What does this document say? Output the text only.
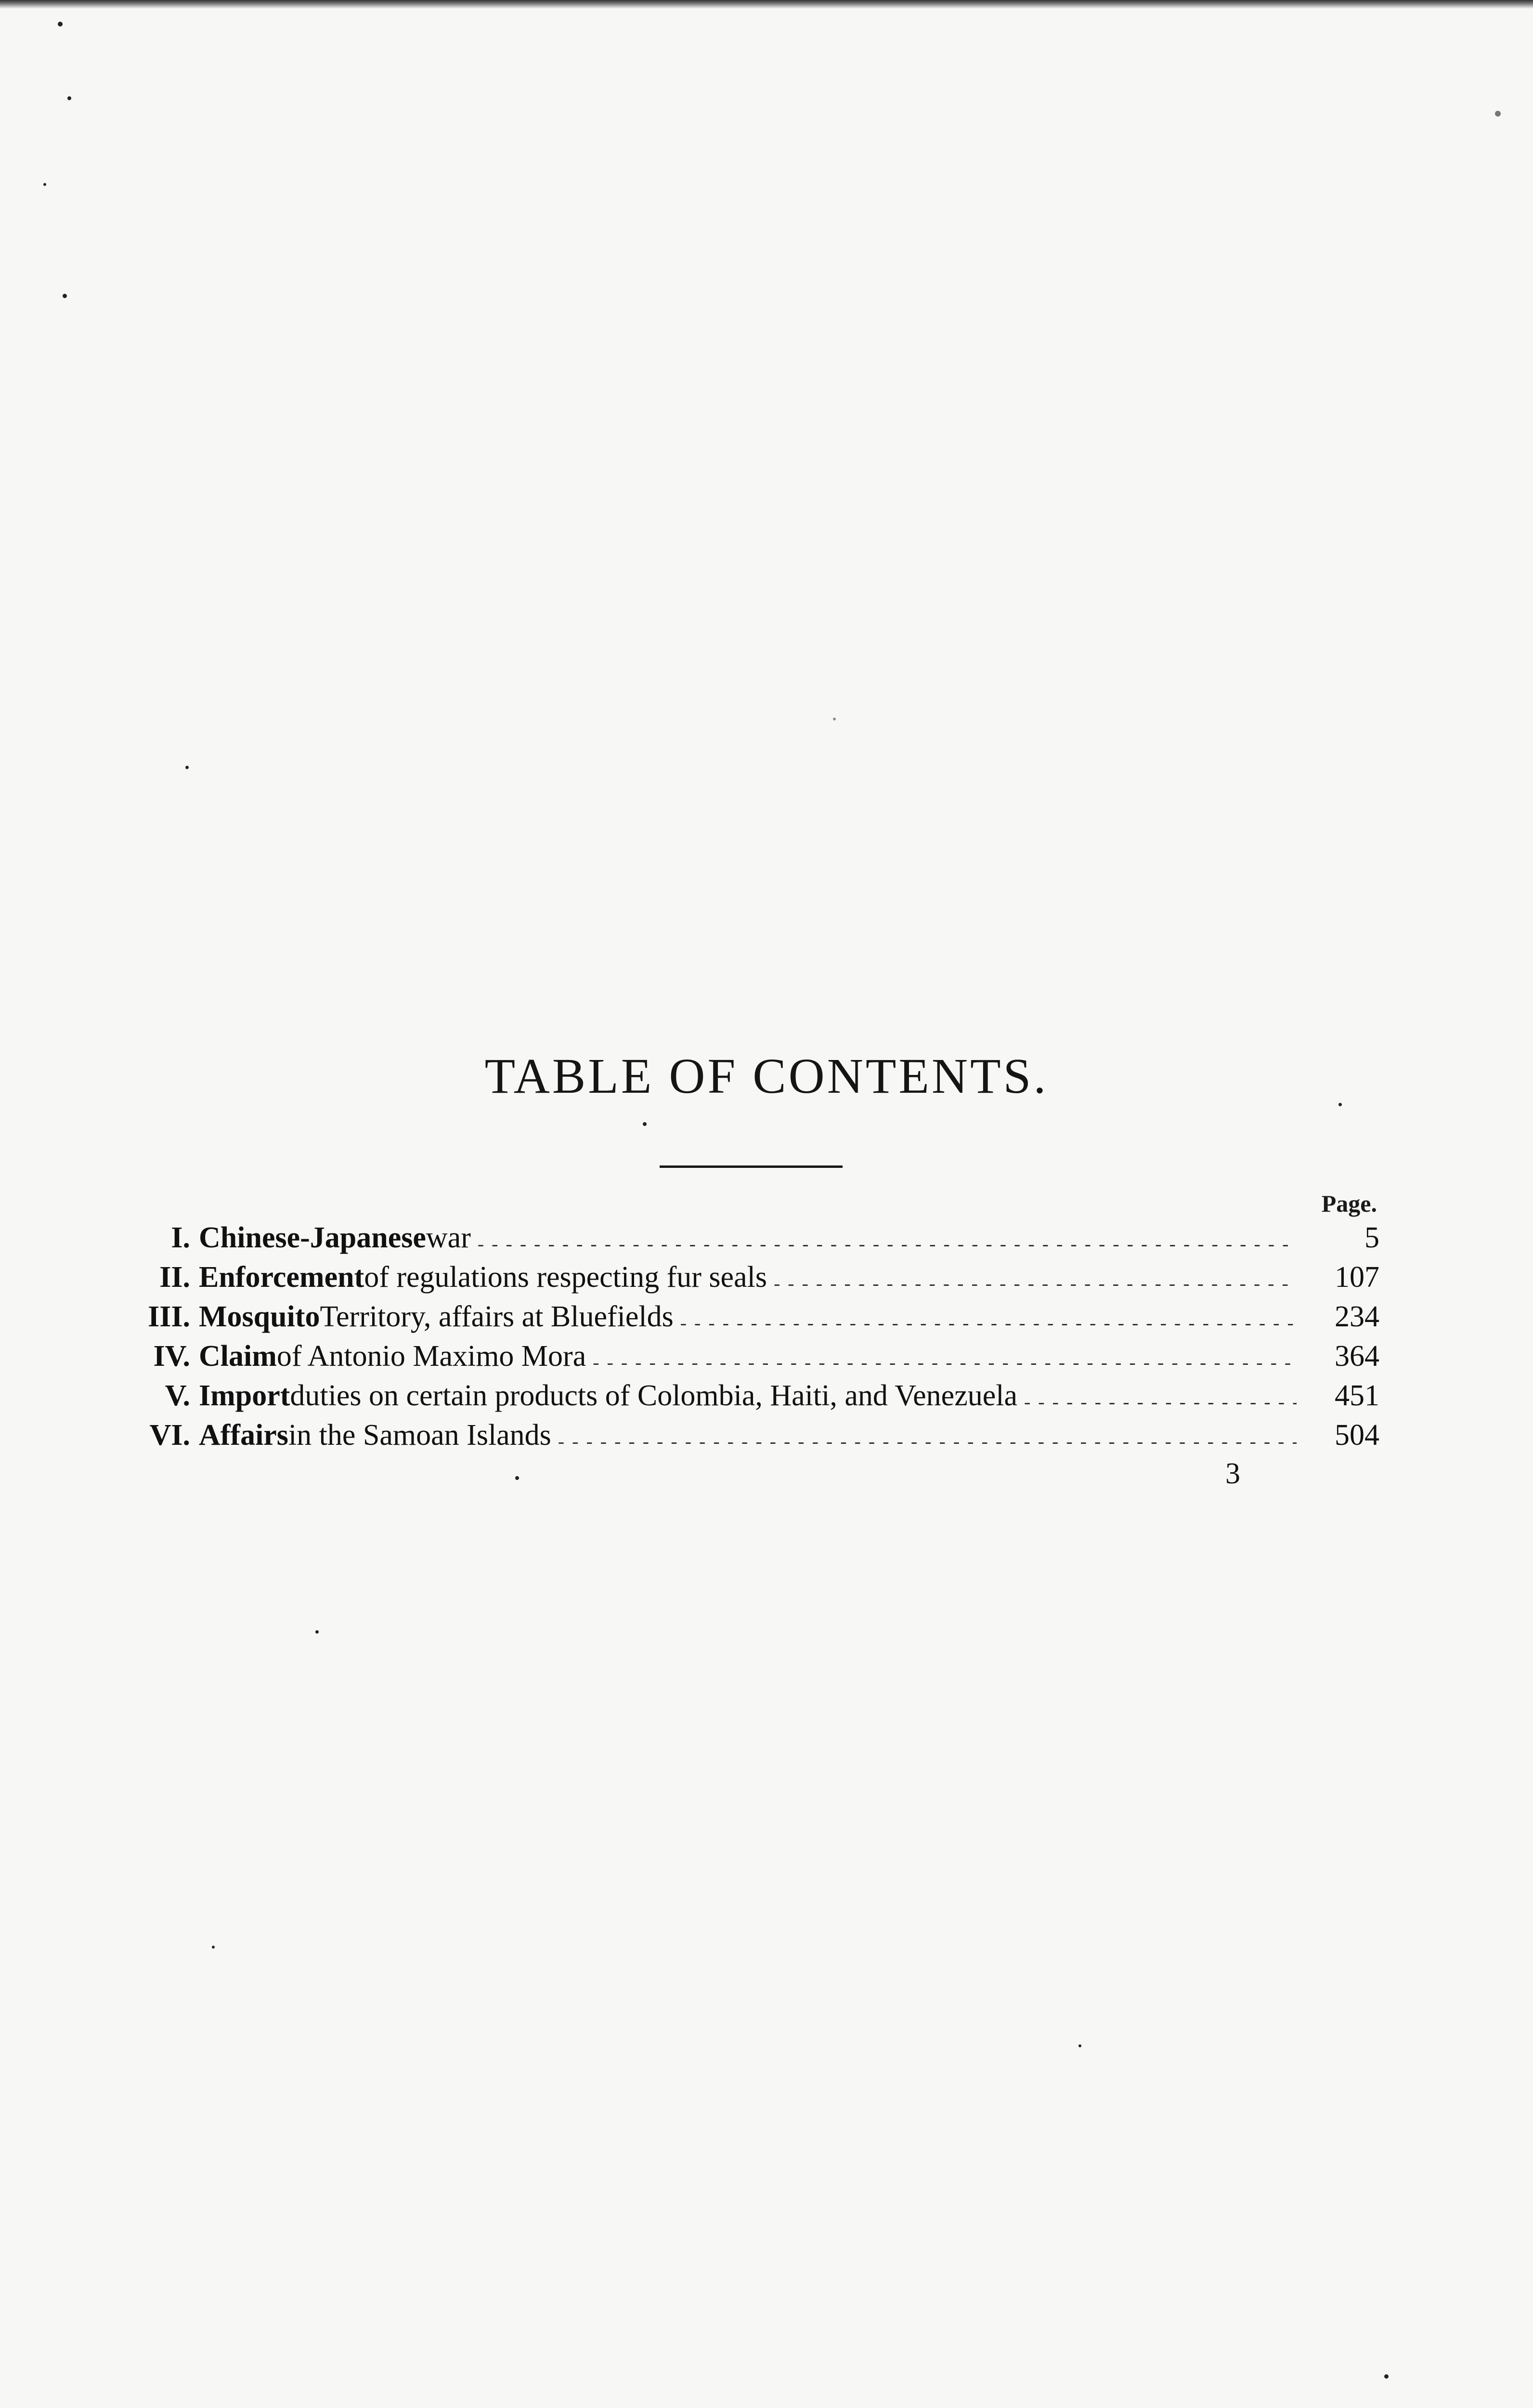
TABLE OF CONTENTS.
Page.
I. Chinese-Japanese war - - -	5
II. Enforcement of regulations respecting fur seals - - -	107
III. Mosquito Territory, affairs at Bluefields - - -	234
IV. Claim of Antonio Maximo Mora - - -	364
V. Import duties on certain products of Colombia, Haiti, and Venezuela - - -	451
VI. Affairs in the Samoan Islands - - -	504
3
